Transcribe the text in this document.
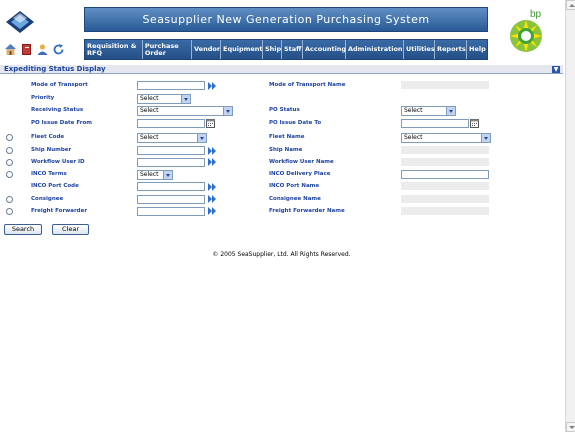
Seasupplier New Generation Purchasing System	bp
Requisition & RFQ
Purchase Order	Vendor Equipment Ship Staff Accounting Administration Utilities Reports Help
Expediting Status Display	▼
Mode of Transport	Mode of Transport Name
Priority	Select
Receiving Status	Select	PO Status	Select
PO Issue Date From	PO Issue Date To
Fleet Code	Select	Fleet Name	Select
Ship Number	Ship Name
Workflow User ID	Workflow User Name
INCO Terms	Select	INCO Delivery Place
INCO Port Code	INCO Port Name
Consignee	Consignee Name
Freight Forwarder	Freight Forwarder Name
Search	Clear
© 2005 SeaSupplier, Ltd. All Rights Reserved.
